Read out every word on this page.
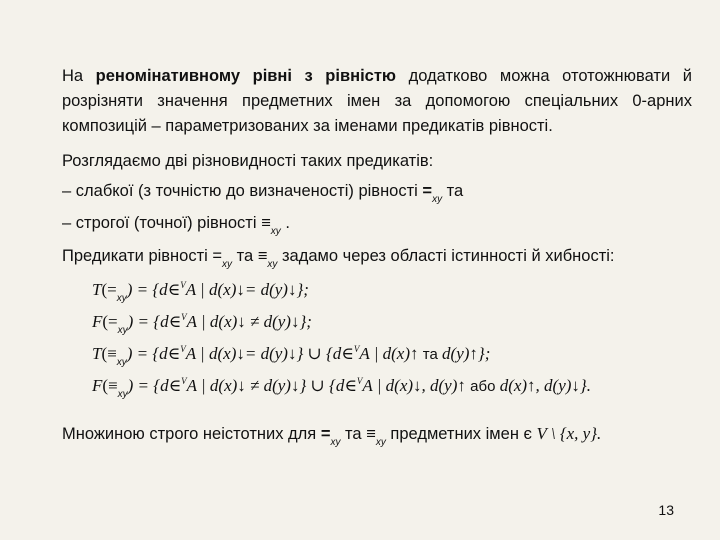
На реномінативному рівні з рівністю додатково можна ототожнювати й розрізняти значення предметних імен за допомогою спеціальних 0-арних композицій – параметризованих за іменами предикатів рівності.
Розглядаємо дві різновидності таких предикатів:
– слабкої (з точністю до визначеності) рівності $=_{xy}$ та
– строгої (точної) рівності $\equiv_{xy}$ .
Предикати рівності $=_{xy}$ та $\equiv_{xy}$ задамо через області істинності й хибності:
$T(=_{xy})$ = {d∈$^V$A | d(x)↓= d(y)↓};
$F(=_{xy})$ = {d∈$^V$A | d(x)↓ ≠ d(y)↓};
$T(\equiv_{xy})$ = {d∈$^V$A | d(x)↓= d(y)↓} ∪ {d∈$^V$A | d(x)↑ та d(y)↑};
$F(\equiv_{xy})$ = {d∈$^V$A | d(x)↓ ≠ d(y)↓} ∪ {d∈$^V$A | d(x)↓, d(y)↑ або d(x)↑, d(y)↓}.
Множиною строго неістотних для $=_{xy}$ та $\equiv_{xy}$ предметних імен є V \ {x, y}.
13
